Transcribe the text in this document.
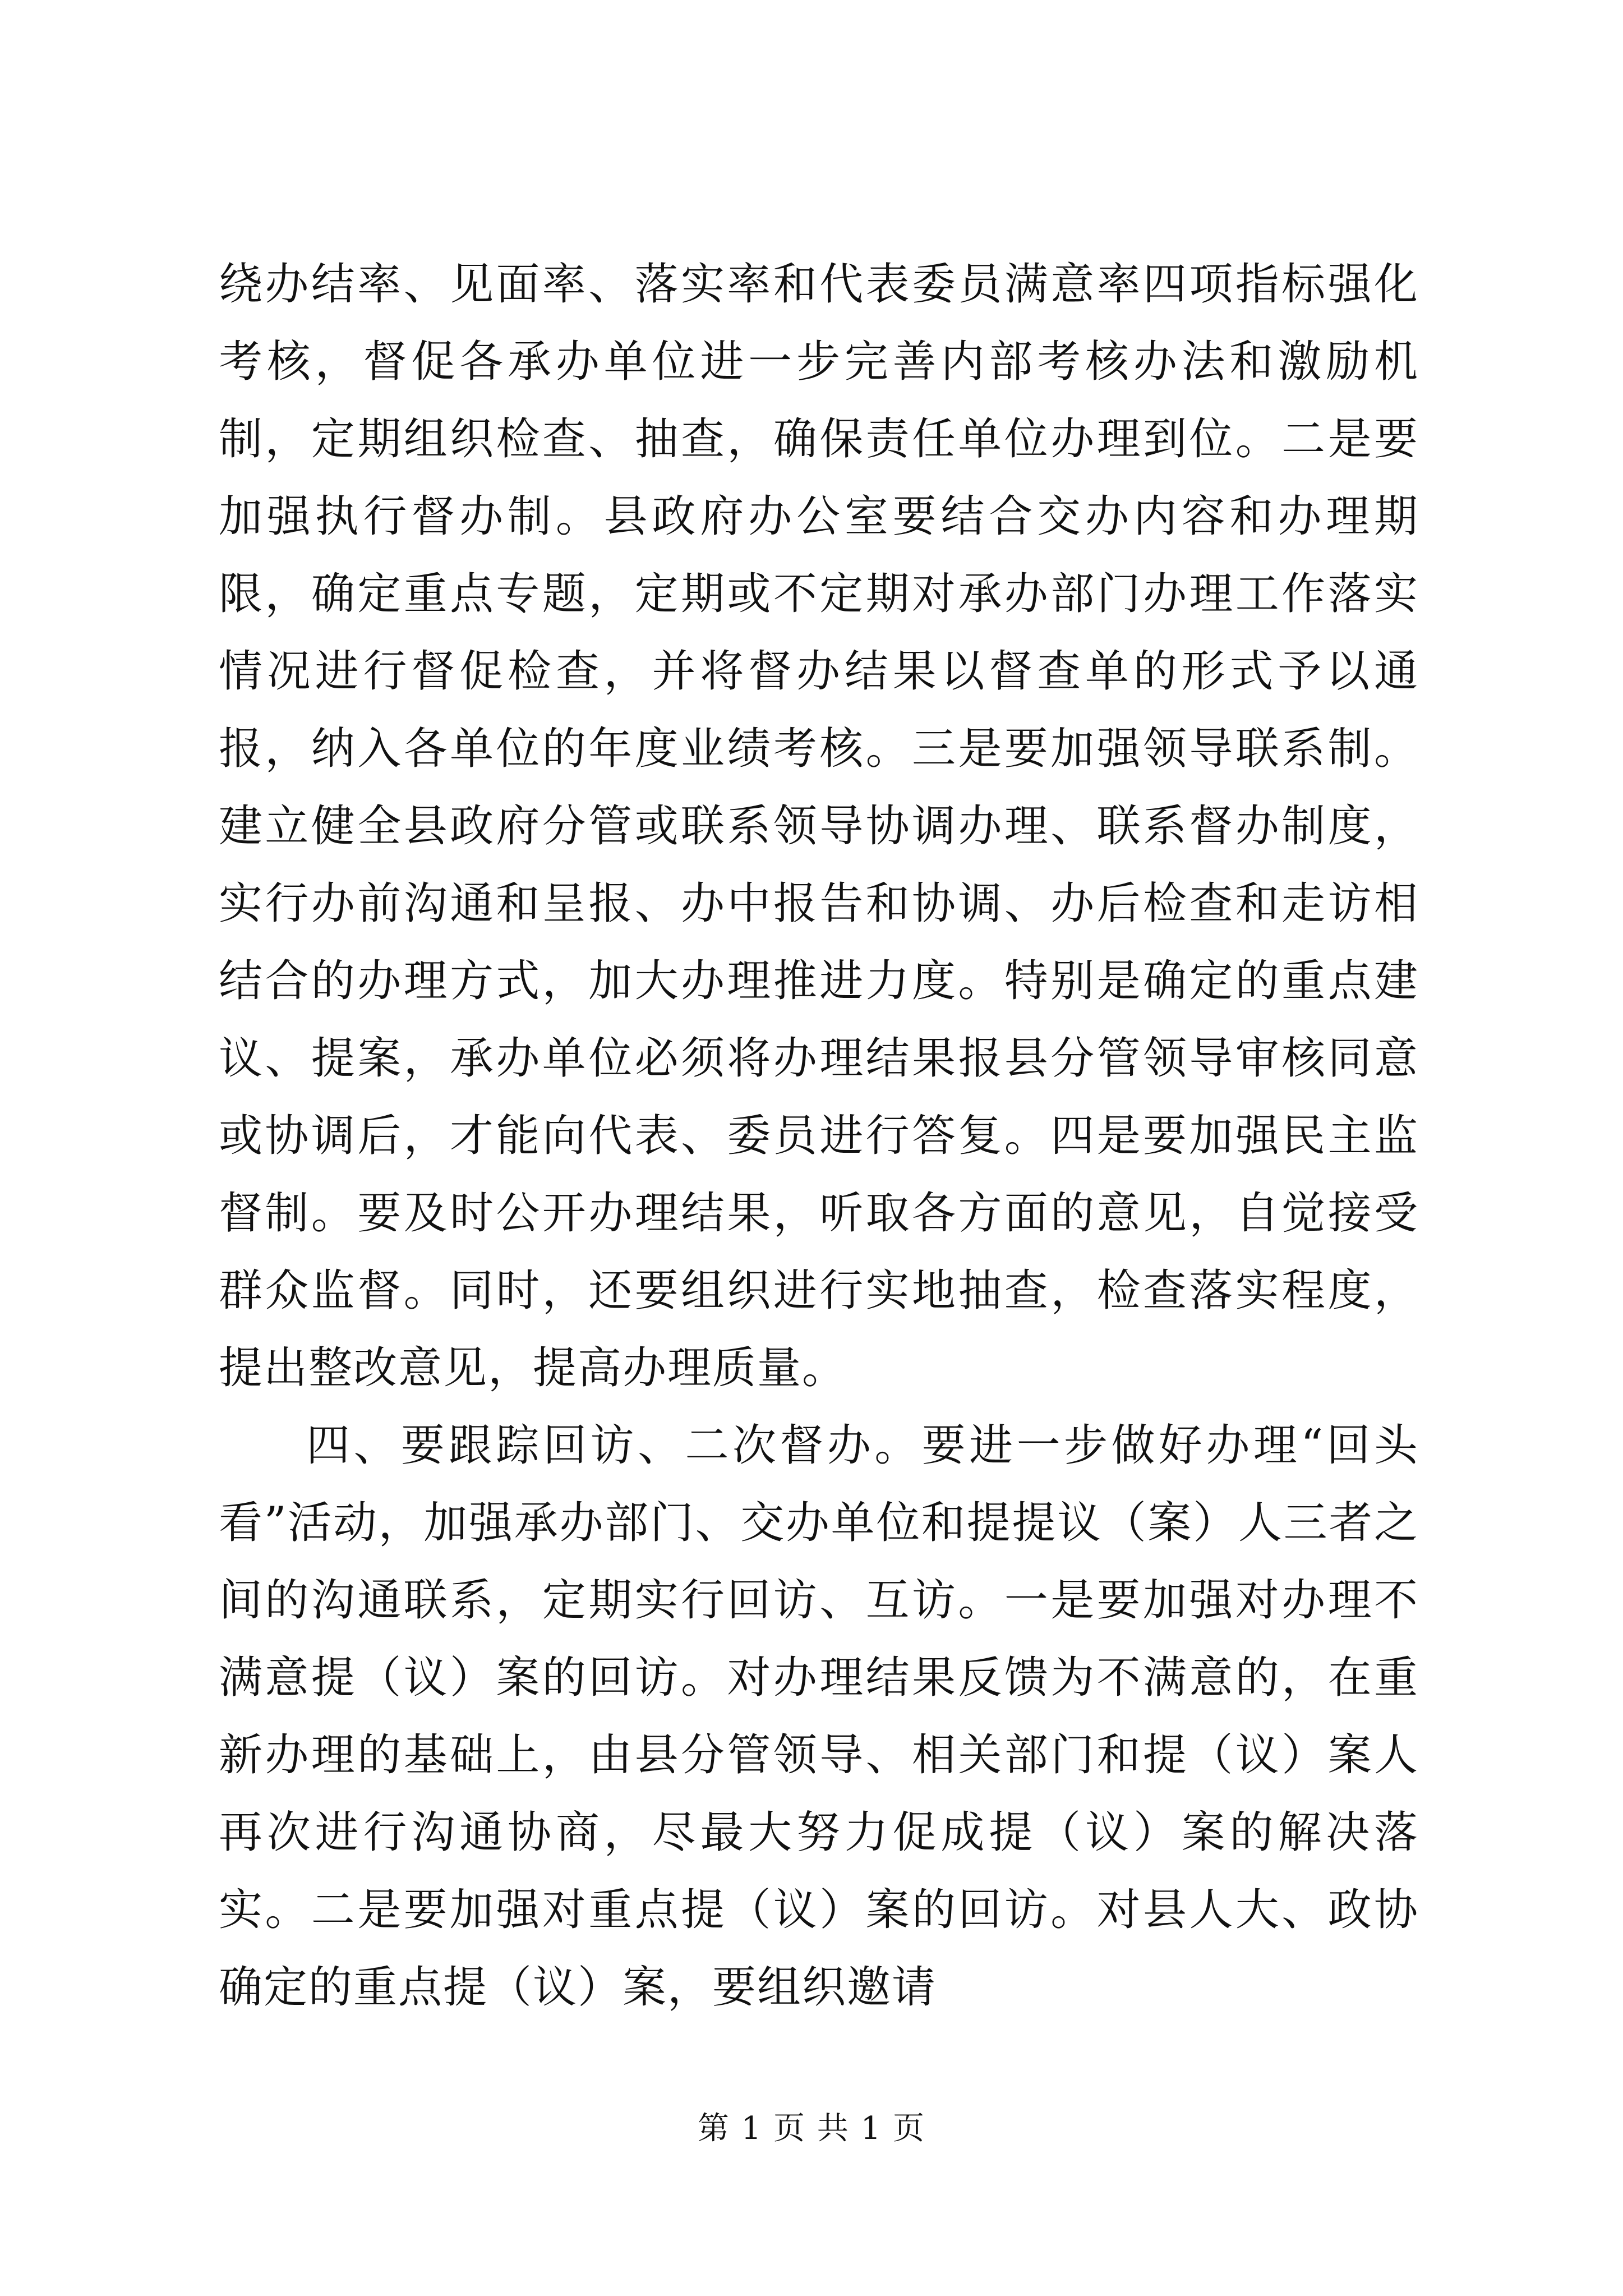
绕办结率、见面率、落实率和代表委员满意率四项指标强化考核，督促各承办单位进一步完善内部考核办法和激励机制，定期组织检查、抽查，确保责任单位办理到位。二是要加强执行督办制。县政府办公室要结合交办内容和办理期限，确定重点专题，定期或不定期对承办部门办理工作落实情况进行督促检查，并将督办结果以督查单的形式予以通报，纳入各单位的年度业绩考核。三是要加强领导联系制。建立健全县政府分管或联系领导协调办理、联系督办制度，实行办前沟通和呈报、办中报告和协调、办后检查和走访相结合的办理方式，加大办理推进力度。特别是确定的重点建议、提案，承办单位必须将办理结果报县分管领导审核同意或协调后，才能向代表、委员进行答复。四是要加强民主监督制。要及时公开办理结果，听取各方面的意见，自觉接受群众监督。同时，还要组织进行实地抽查，检查落实程度，提出整改意见，提高办理质量。

四、要跟踪回访、二次督办。要进一步做好办理“回头看”活动，加强承办部门、交办单位和提提议（案）人三者之间的沟通联系，定期实行回访、互访。一是要加强对办理不满意提（议）案的回访。对办理结果反馈为不满意的，在重新办理的基础上，由县分管领导、相关部门和提（议）案人再次进行沟通协商，尽最大努力促成提（议）案的解决落实。二是要加强对重点提（议）案的回访。对县人大、政协确定的重点提（议）案，要组织邀请

第 1 页 共 1 页
